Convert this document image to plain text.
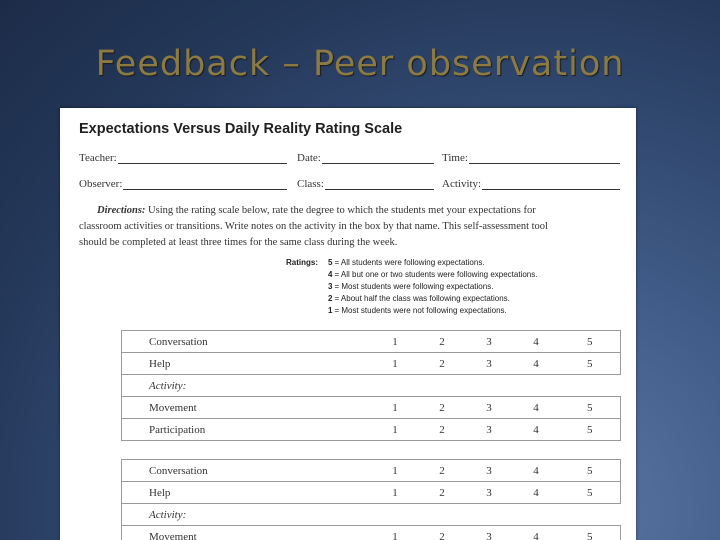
Feedback – Peer observation
Expectations Versus Daily Reality Rating Scale
Teacher:	Date:	Time:
Observer:	Class:	Activity:
Directions: Using the rating scale below, rate the degree to which the students met your expectations for
classroom activities or transitions. Write notes on the activity in the box by that name. This self-assessment tool
should be completed at least three times for the same class during the week.
Ratings: 5 = All students were following expectations.
4 = All but one or two students were following expectations.
3 = Most students were following expectations.
2 = About half the class was following expectations.
1 = Most students were not following expectations.
Conversation	1	2	3	4	5
Help	1	2	3	4	5
Activity:					
Movement	1	2	3	4	5
Participation	1	2	3	4	5
Conversation	1	2	3	4	5
Help	1	2	3	4	5
Activity:					
Movement	1	2	3	4	5
